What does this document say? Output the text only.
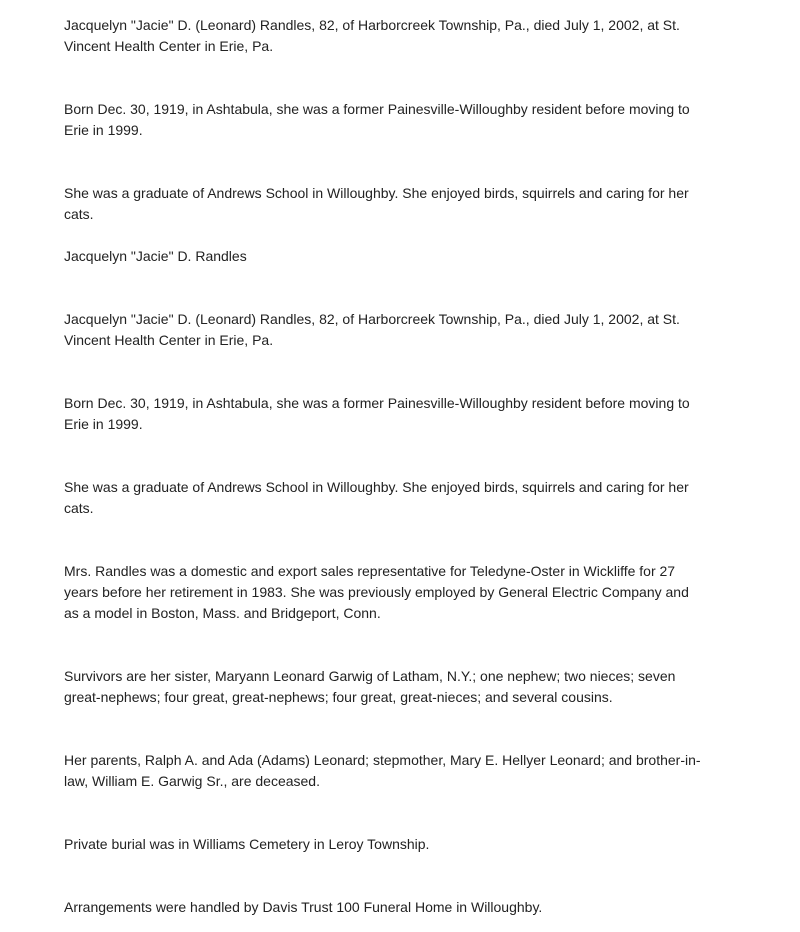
Jacquelyn "Jacie" D. (Leonard) Randles, 82, of Harborcreek Township, Pa., died July 1, 2002, at St. Vincent Health Center in Erie, Pa.

Born Dec. 30, 1919, in Ashtabula, she was a former Painesville-Willoughby resident before moving to Erie in 1999.

She was a graduate of Andrews School in Willoughby. She enjoyed birds, squirrels and caring for her cats.

Jacquelyn "Jacie" D. Randles

Jacquelyn "Jacie" D. (Leonard) Randles, 82, of Harborcreek Township, Pa., died July 1, 2002, at St. Vincent Health Center in Erie, Pa.

Born Dec. 30, 1919, in Ashtabula, she was a former Painesville-Willoughby resident before moving to Erie in 1999.

She was a graduate of Andrews School in Willoughby. She enjoyed birds, squirrels and caring for her cats.

Mrs. Randles was a domestic and export sales representative for Teledyne-Oster in Wickliffe for 27 years before her retirement in 1983. She was previously employed by General Electric Company and as a model in Boston, Mass. and Bridgeport, Conn.

Survivors are her sister, Maryann Leonard Garwig of Latham, N.Y.; one nephew; two nieces; seven great-nephews; four great, great-nephews; four great, great-nieces; and several cousins.

Her parents, Ralph A. and Ada (Adams) Leonard; stepmother, Mary E. Hellyer Leonard; and brother-in-law, William E. Garwig Sr., are deceased.

Private burial was in Williams Cemetery in Leroy Township.

Arrangements were handled by Davis Trust 100 Funeral Home in Willoughby.
